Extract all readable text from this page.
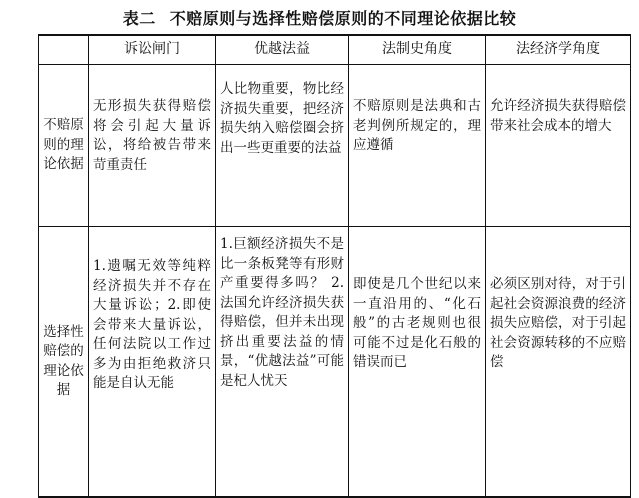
表二 不赔原则与选择性赔偿原则的不同理论依据比较
	诉讼闸门	优越法益	法制史角度	法经济学角度
不赔原则的理论依据	无形损失获得赔偿将会引起大量诉讼，将给被告带来苛重责任	人比物重要，物比经济损失重要，把经济损失纳入赔偿圈会挤出一些更重要的法益	不赔原则是法典和古老判例所规定的，理应遵循	允许经济损失获得赔偿带来社会成本的增大
选择性赔偿的理论依据	1.遗嘱无效等纯粹经济损失并不存在大量诉讼；2.即使会带来大量诉讼，任何法院以工作过多为由拒绝救济只能是自认无能	1.巨额经济损失不是比一条板凳等有形财产重要得多吗？ 2.法国允许经济损失获得赔偿，但并未出现挤出重要法益的情景，“优越法益”可能是杞人忧天	即使是几个世纪以来一直沿用的、“化石般”的古老规则也很可能不过是化石般的错误而已	必须区别对待，对于引起社会资源浪费的经济损失应赔偿，对于引起社会资源转移的不应赔偿
